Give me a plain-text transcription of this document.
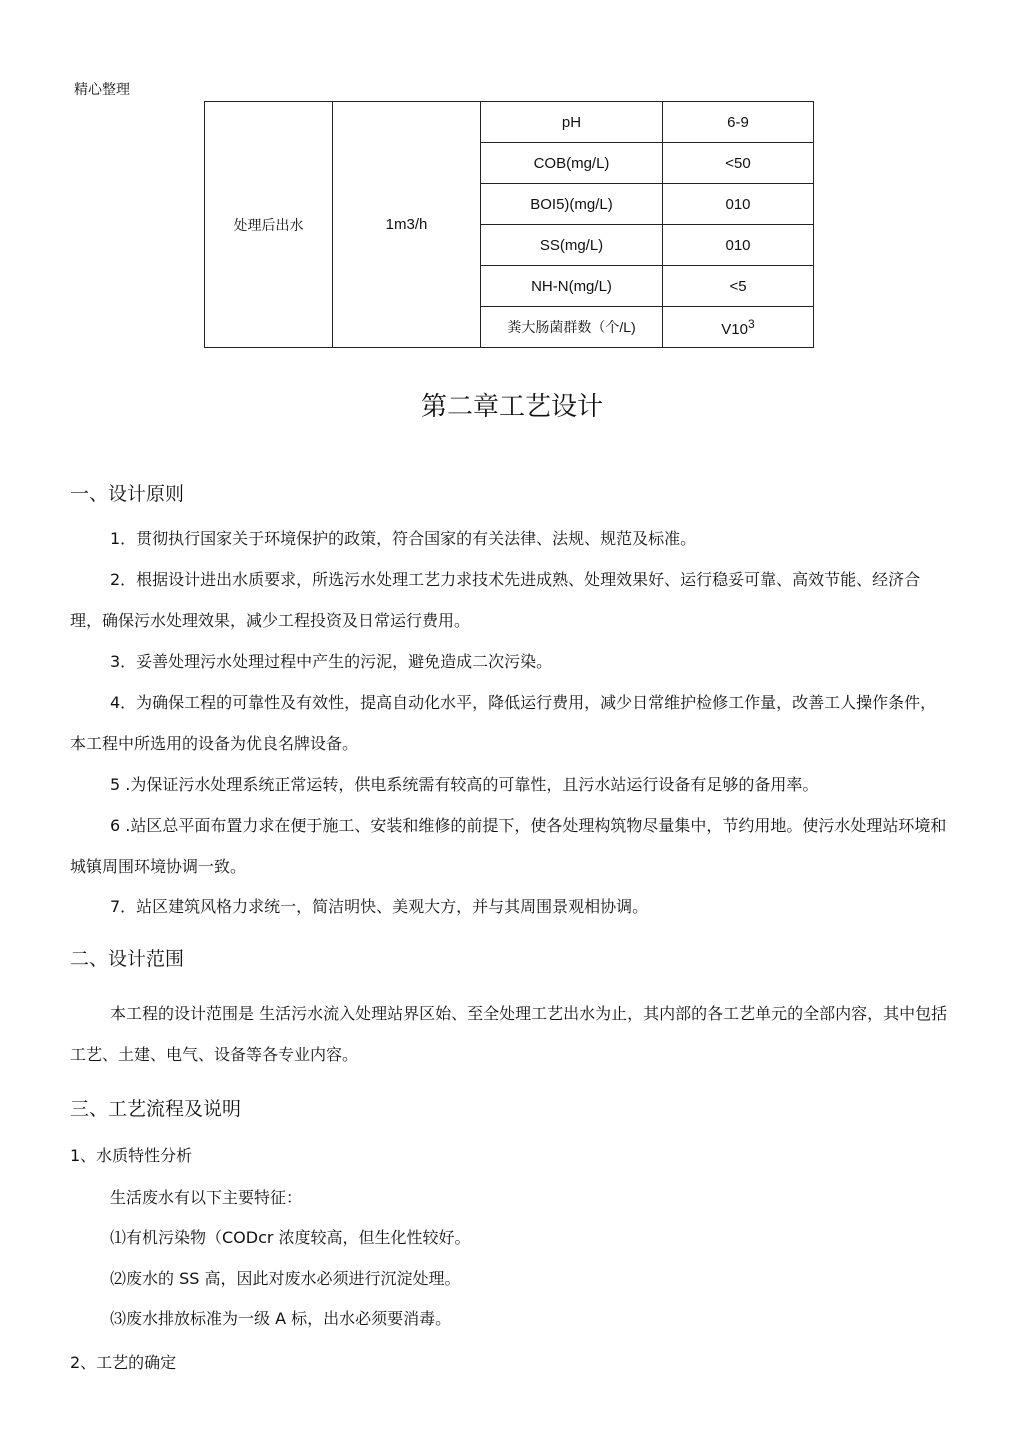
精心整理
处理后出水	1m3/h	pH	6-9
		COB(mg/L)	<50
		BOI5)(mg/L)	010
		SS(mg/L)	010
		NH-N(mg/L)	<5
		粪大肠菌群数（个/L)	$V10^3$
第二章工艺设计
一、设计原则
1．贯彻执行国家关于环境保护的政策，符合国家的有关法律、法规、规范及标准。
2．根据设计进出水质要求，所选污水处理工艺力求技术先进成熟、处理效果好、运行稳妥可靠、高效节能、经济合理，确保污水处理效果，减少工程投资及日常运行费用。
3．妥善处理污水处理过程中产生的污泥，避免造成二次污染。
4．为确保工程的可靠性及有效性，提高自动化水平，降低运行费用，减少日常维护检修工作量，改善工人操作条件，本工程中所选用的设备为优良名牌设备。
5 .为保证污水处理系统正常运转，供电系统需有较高的可靠性，且污水站运行设备有足够的备用率。
6 .站区总平面布置力求在便于施工、安装和维修的前提下，使各处理构筑物尽量集中，节约用地。使污水处理站环境和城镇周围环境协调一致。
7．站区建筑风格力求统一，简洁明快、美观大方，并与其周围景观相协调。
二、设计范围
本工程的设计范围是 生活污水流入处理站界区始、至全处理工艺出水为止，其内部的各工艺单元的全部内容，其中包括工艺、土建、电气、设备等各专业内容。
三、工艺流程及说明
1、水质特性分析
生活废水有以下主要特征：
⑴有机污染物（CODcr 浓度较高，但生化性较好。
⑵废水的 SS 高，因此对废水必须进行沉淀处理。
⑶废水排放标准为一级 A 标，出水必须要消毒。
2、工艺的确定
